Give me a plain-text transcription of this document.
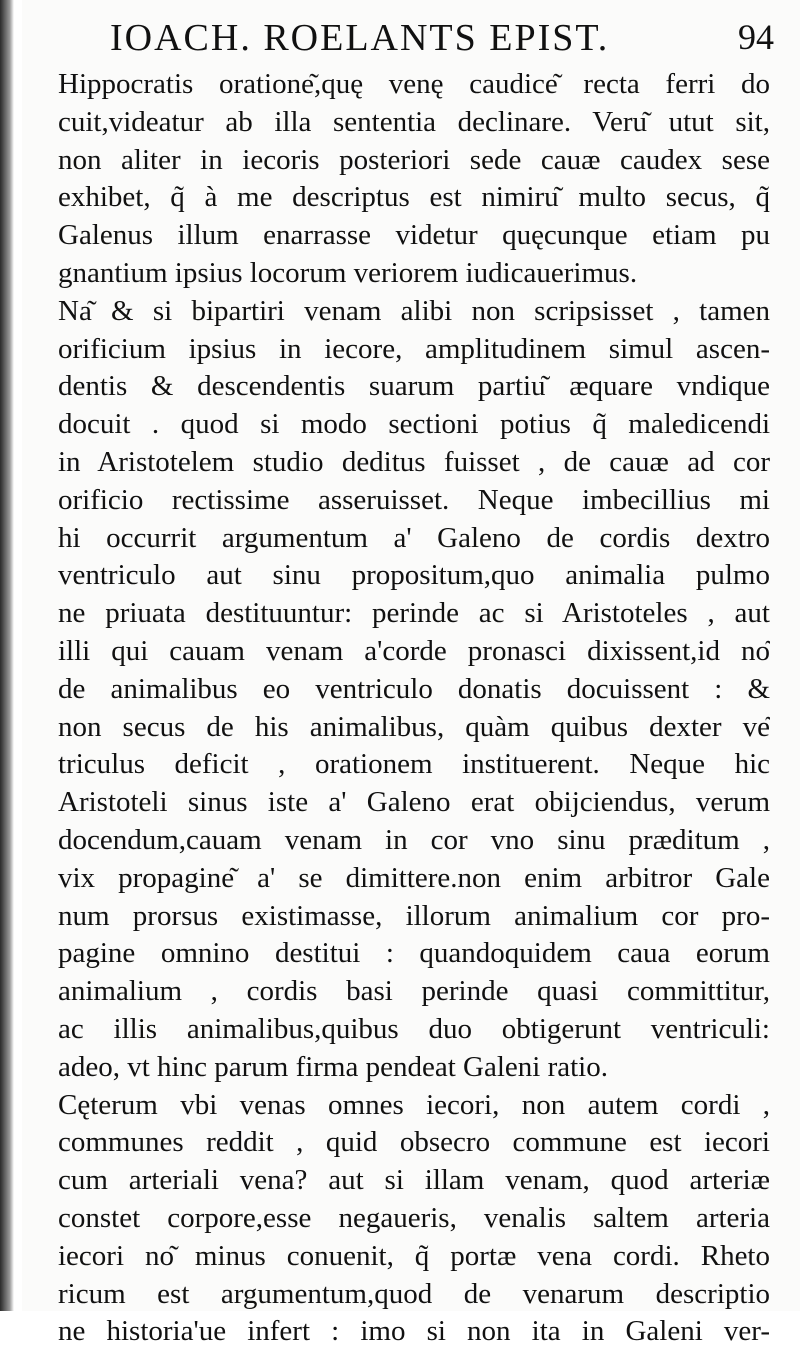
IOACH. ROELANTS EPIST.	94
Hippocratis oratione͂,quę venę caudice͂ recta ferri do
cuit,videatur ab illa sententia declinare. Veru͂ utut sit,
non aliter in iecoris posteriori sede cauæ caudex sese
exhibet, q̃ à me descriptus est nimiru͂ multo secus, q̃
Galenus illum enarrasse videtur quęcunque etiam pu
gnantium ipsius locorum veriorem iudicauerimus.
Na͂ & si bipartiri venam alibi non scripsisset , tamen
orificium ipsius in iecore, amplitudinem simul ascen-
dentis & descendentis suarum partiu͂ æquare vndique
docuit . quod si modo sectioni potius q̃ maledicendi
in Aristotelem studio deditus fuisset , de cauæ ad cor
orificio rectissime asseruisset. Neque imbecillius mi
hi occurrit argumentum a' Galeno de cordis dextro
ventriculo aut sinu propositum,quo animalia pulmo
ne priuata destituuntur: perinde ac si Aristoteles , aut
illi qui cauam venam a'corde pronasci dixissent,id no͂
de animalibus eo ventriculo donatis docuissent : &
non secus de his animalibus, quàm quibus dexter ve͂
triculus deficit , orationem instituerent. Neque hic
Aristoteli sinus iste a' Galeno erat obijciendus, verum
docendum,cauam venam in cor vno sinu præditum ,
vix propagine͂ a' se dimittere.non enim arbitror Gale
num prorsus existimasse, illorum animalium cor pro-
pagine omnino destitui : quandoquidem caua eorum
animalium , cordis basi perinde quasi committitur,
ac illis animalibus,quibus duo obtigerunt ventriculi:
adeo, vt hinc parum firma pendeat Galeni ratio.
Cęterum vbi venas omnes iecori, non autem cordi ,
communes reddit , quid obsecro commune est iecori
cum arteriali vena? aut si illam venam, quod arteriæ
constet corpore,esse negaueris, venalis saltem arteria
iecori no͂ minus conuenit, q̃ portæ vena cordi. Rheto
ricum est argumentum,quod de venarum descriptio
ne historia'ue infert : imo si non ita in Galeni ver-
